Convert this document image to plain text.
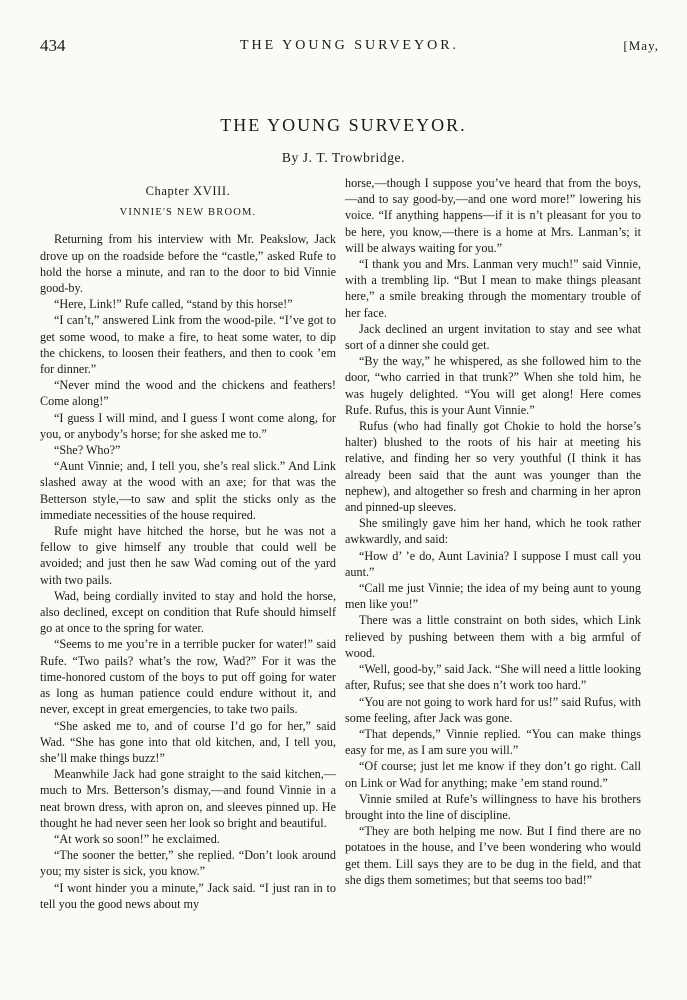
434	THE YOUNG SURVEYOR.	[May,
THE YOUNG SURVEYOR.
By J. T. Trowbridge.
Chapter XVIII.
VINNIE'S NEW BROOM.

Returning from his interview with Mr. Peakslow, Jack drove up on the roadside before the “castle,” asked Rufe to hold the horse a minute, and ran to the door to bid Vinnie good-by.

“Here, Link!” Rufe called, “stand by this horse!”

“I can’t,” answered Link from the wood-pile. “I’ve got to get some wood, to make a fire, to heat some water, to dip the chickens, to loosen their feathers, and then to cook ’em for dinner.”

“Never mind the wood and the chickens and feathers! Come along!”

“I guess I will mind, and I guess I wont come along, for you, or anybody’s horse; for she asked me to.”

“She? Who?”

“Aunt Vinnie; and, I tell you, she’s real slick.” And Link slashed away at the wood with an axe; for that was the Betterson style,—to saw and split the sticks only as the immediate necessities of the house required.

Rufe might have hitched the horse, but he was not a fellow to give himself any trouble that could well be avoided; and just then he saw Wad coming out of the yard with two pails.

Wad, being cordially invited to stay and hold the horse, also declined, except on condition that Rufe should himself go at once to the spring for water.

“Seems to me you’re in a terrible pucker for water!” said Rufe. “Two pails? what’s the row, Wad?” For it was the time-honored custom of the boys to put off going for water as long as human patience could endure without it, and never, except in great emergencies, to take two pails.

“She asked me to, and of course I’d go for her,” said Wad. “She has gone into that old kitchen, and, I tell you, she’ll make things buzz!”

Meanwhile Jack had gone straight to the said kitchen,—much to Mrs. Betterson’s dismay,—and found Vinnie in a neat brown dress, with apron on, and sleeves pinned up. He thought he had never seen her look so bright and beautiful.

“At work so soon!” he exclaimed.

“The sooner the better,” she replied. “Don’t look around you; my sister is sick, you know.”

“I wont hinder you a minute,” Jack said. “I just ran in to tell you the good news about my

horse,—though I suppose you’ve heard that from the boys,—and to say good-by,—and one word more!” lowering his voice. “If anything happens—if it is n’t pleasant for you to be here, you know,—there is a home at Mrs. Lanman’s; it will be always waiting for you.”

“I thank you and Mrs. Lanman very much!” said Vinnie, with a trembling lip. “But I mean to make things pleasant here,” a smile breaking through the momentary trouble of her face.

Jack declined an urgent invitation to stay and see what sort of a dinner she could get.

“By the way,” he whispered, as she followed him to the door, “who carried in that trunk?” When she told him, he was hugely delighted. “You will get along! Here comes Rufe. Rufus, this is your Aunt Vinnie.”

Rufus (who had finally got Chokie to hold the horse’s halter) blushed to the roots of his hair at meeting his relative, and finding her so very youthful (I think it has already been said that the aunt was younger than the nephew), and altogether so fresh and charming in her apron and pinned-up sleeves.

She smilingly gave him her hand, which he took rather awkwardly, and said:

“How d’ ’e do, Aunt Lavinia? I suppose I must call you aunt.”

“Call me just Vinnie; the idea of my being aunt to young men like you!”

There was a little constraint on both sides, which Link relieved by pushing between them with a big armful of wood.

“Well, good-by,” said Jack. “She will need a little looking after, Rufus; see that she does n’t work too hard.”

“You are not going to work hard for us!” said Rufus, with some feeling, after Jack was gone.

“That depends,” Vinnie replied. “You can make things easy for me, as I am sure you will.”

“Of course; just let me know if they don’t go right. Call on Link or Wad for anything; make ’em stand round.”

Vinnie smiled at Rufe’s willingness to have his brothers brought into the line of discipline.

“They are both helping me now. But I find there are no potatoes in the house, and I’ve been wondering who would get them. Lill says they are to be dug in the field, and that she digs them sometimes; but that seems too bad!”
